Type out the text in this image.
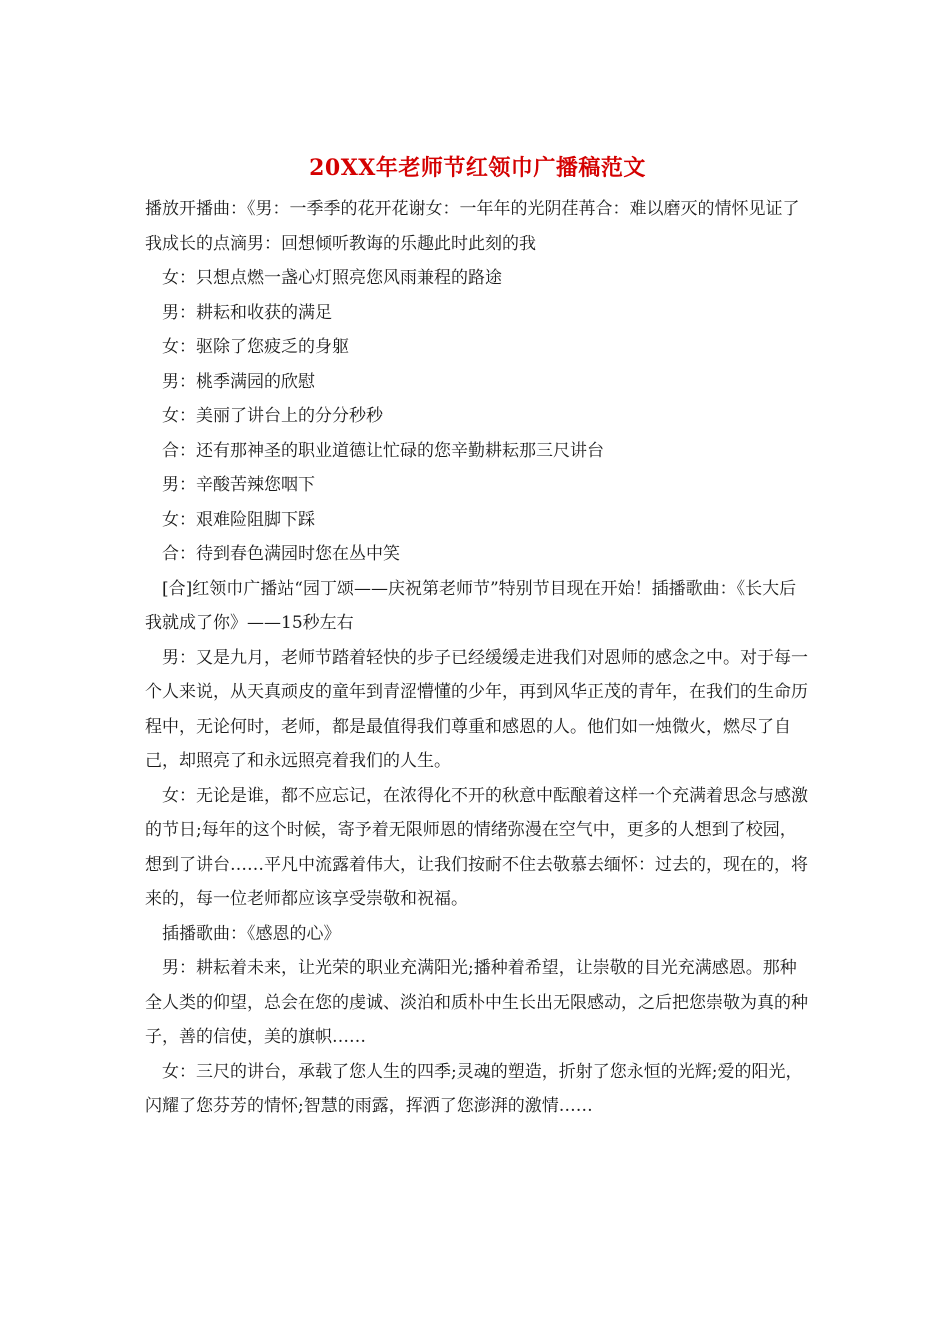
20XX年老师节红领巾广播稿范文

播放开播曲：《男：一季季的花开花谢女：一年年的光阴荏苒合：难以磨灭的情怀见证了我成长的点滴男：回想倾听教诲的乐趣此时此刻的我

女：只想点燃一盏心灯照亮您风雨兼程的路途

男：耕耘和收获的满足

女：驱除了您疲乏的身躯

男：桃季满园的欣慰

女：美丽了讲台上的分分秒秒

合：还有那神圣的职业道德让忙碌的您辛勤耕耘那三尺讲台

男：辛酸苦辣您咽下

女：艰难险阻脚下踩

合：待到春色满园时您在丛中笑

[合]红领巾广播站“园丁颂——庆祝第老师节”特别节目现在开始！插播歌曲：《长大后我就成了你》——15秒左右

男：又是九月，老师节踏着轻快的步子已经缓缓走进我们对恩师的感念之中。对于每一个人来说，从天真顽皮的童年到青涩懵懂的少年，再到风华正茂的青年，在我们的生命历程中，无论何时，老师，都是最值得我们尊重和感恩的人。他们如一烛微火，燃尽了自己，却照亮了和永远照亮着我们的人生。

女：无论是谁，都不应忘记，在浓得化不开的秋意中酝酿着这样一个充满着思念与感激的节日;每年的这个时候，寄予着无限师恩的情绪弥漫在空气中，更多的人想到了校园，想到了讲台……平凡中流露着伟大，让我们按耐不住去敬慕去缅怀：过去的，现在的，将来的，每一位老师都应该享受崇敬和祝福。

插播歌曲：《感恩的心》

男：耕耘着未来，让光荣的职业充满阳光;播种着希望，让崇敬的目光充满感恩。那种全人类的仰望，总会在您的虔诚、淡泊和质朴中生长出无限感动，之后把您崇敬为真的种子，善的信使，美的旗帜……

女：三尺的讲台，承载了您人生的四季;灵魂的塑造，折射了您永恒的光辉;爱的阳光，闪耀了您芬芳的情怀;智慧的雨露，挥洒了您澎湃的激情……
